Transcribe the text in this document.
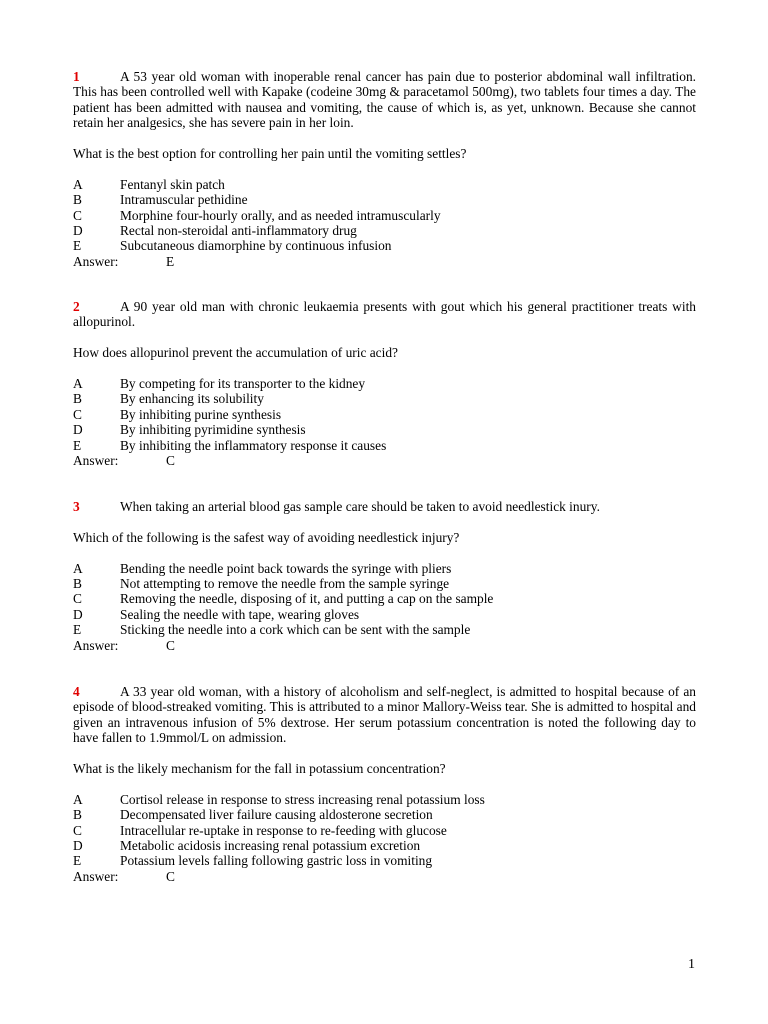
1	A 53 year old woman with inoperable renal cancer has pain due to posterior abdominal wall infiltration. This has been controlled well with Kapake (codeine 30mg & paracetamol 500mg), two tablets four times a day. The patient has been admitted with nausea and vomiting, the cause of which is, as yet, unknown. Because she cannot retain her analgesics, she has severe pain in her loin.

What is the best option for controlling her pain until the vomiting settles?

A	Fentanyl skin patch
B	Intramuscular pethidine
C	Morphine four-hourly orally, and as needed intramuscularly
D	Rectal non-steroidal anti-inflammatory drug
E	Subcutaneous diamorphine by continuous infusion
Answer:	E

2	A 90 year old man with chronic leukaemia presents with gout which his general practitioner treats with allopurinol.

How does allopurinol prevent the accumulation of uric acid?

A	By competing for its transporter to the kidney
B	By enhancing its solubility
C	By inhibiting purine synthesis
D	By inhibiting pyrimidine synthesis
E	By inhibiting the inflammatory response it causes
Answer:	C

3	When taking an arterial blood gas sample care should be taken to avoid needlestick inury.

Which of the following is the safest way of avoiding needlestick injury?

A	Bending the needle point back towards the syringe with pliers
B	Not attempting to remove the needle from the sample syringe
C	Removing the needle, disposing of it, and putting a cap on the sample
D	Sealing the needle with tape, wearing gloves
E	Sticking the needle into a cork which can be sent with the sample
Answer:	C

4	A 33 year old woman, with a history of alcoholism and self-neglect, is admitted to hospital because of an episode of blood-streaked vomiting. This is attributed to a minor Mallory-Weiss tear. She is admitted to hospital and given an intravenous infusion of 5% dextrose. Her serum potassium concentration is noted the following day to have fallen to 1.9mmol/L on admission.

What is the likely mechanism for the fall in potassium concentration?

A	Cortisol release in response to stress increasing renal potassium loss
B	Decompensated liver failure causing aldosterone secretion
C	Intracellular re-uptake in response to re-feeding with glucose
D	Metabolic acidosis increasing renal potassium excretion
E	Potassium levels falling following gastric loss in vomiting
Answer:	C
1
